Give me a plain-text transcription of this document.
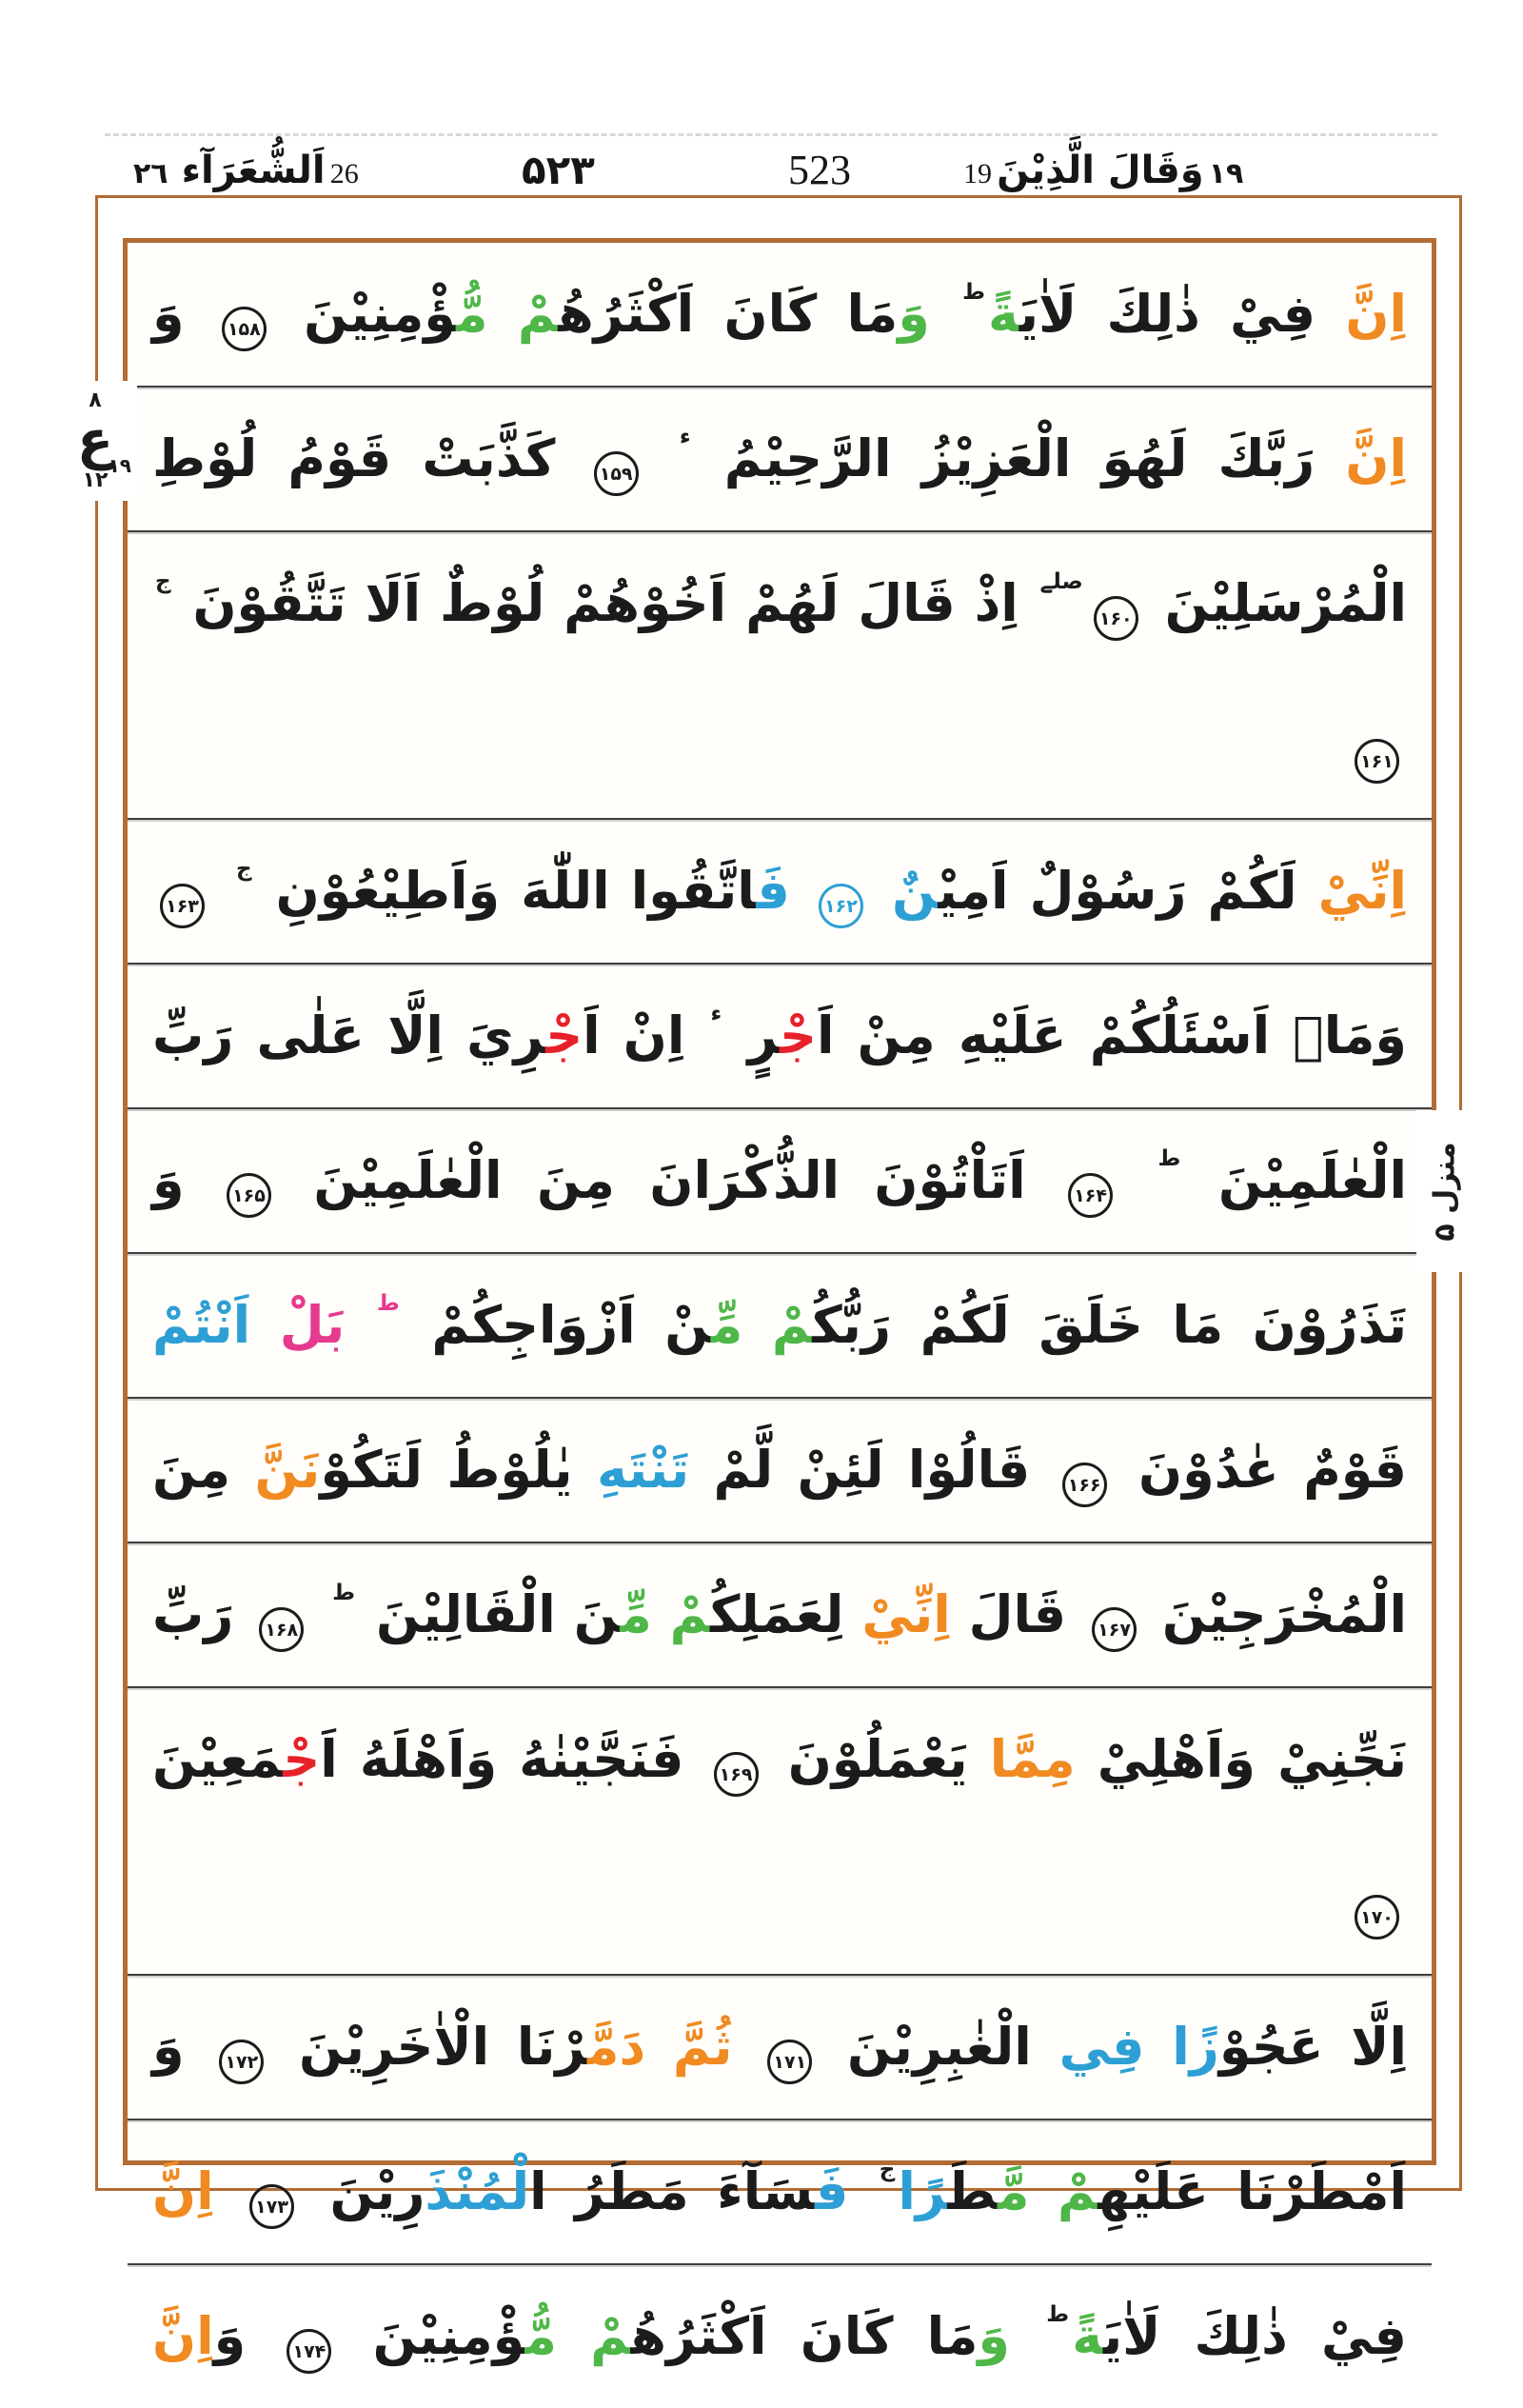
اَلشُّعَرَآء​ ٢٦	26	۵۲۳	523	19 وَقَالَ الَّذِيْنَ ۱۹
اِنَّ فِيْ ذٰلِكَ لَاٰيَ‍‍ةً$^ط$ وَمَا كَانَ اَكْثَرُهُ‍‍مْ مُّ‍‍ؤْمِنِيْنَ ۱۵۸ وَ
اِنَّ رَبَّكَ لَهُوَ الْعَزِيْزُ الرَّحِيْمُ $^ء$ ۱۵۹ كَذَّبَتْ قَوْمُ لُوْطِ
الْمُرْسَلِيْنَ $۱۶۰^{صلے}$ اِذْ قَالَ لَهُمْ اَخُوْهُمْ لُوْطٌ اَلَا تَتَّقُوْنَ $^ج$ ۱۶۱
اِنِّيْ لَكُمْ رَسُوْلٌ اَمِيْ‍‍نٌ ۱۶۲ فَ‍‍اتَّقُوا اللّٰهَ وَاَطِيْعُوْنِ $^ج$ ۱۶۳
وَمَاۤ اَسْئَلُكُمْ عَلَيْهِ مِنْ اَجْ‍‍رٍ $^ء$ اِنْ اَجْ‍‍رِيَ اِلَّا عَلٰى رَبِّ
الْعٰلَمِيْنَ $^ط$ ۱۶۴ اَتَاْتُوْنَ الذُّكْرَانَ مِنَ الْعٰلَمِيْنَ ۱۶۵ وَ
تَذَرُوْنَ مَا خَلَقَ لَكُمْ رَبُّكُ‍‍مْ مِّ‍‍نْ اَزْوَاجِكُمْ $^ط$ بَلْ اَنْتُمْ
قَوْمٌ عٰدُوْنَ ۱۶۶ قَالُوْا لَئِنْ لَّمْ تَنْتَهِ يٰلُوْطُ لَتَكُوْنَنَّ مِنَ
الْمُخْرَجِيْنَ ۱۶۷ قَالَ اِنِّيْ لِعَمَلِكُ‍‍مْ مِّ‍‍نَ الْقَالِيْنَ $^ط$ ۱۶۸ رَبِّ
نَجِّنِيْ وَاَهْلِيْ مِمَّا يَعْمَلُوْنَ ۱۶۹ فَنَجَّيْنٰهُ وَاَهْلَهُ اَجْ‍‍مَعِيْنَ ۱۷۰
اِلَّا عَجُوْزًا فِي الْغٰبِرِيْنَ ۱۷۱ ثُمَّ دَمَّ‍‍رْنَا الْاٰخَرِيْنَ ۱۷۲ وَ
اَمْطَرْنَا عَلَيْهِ‍‍مْ مَّ‍‍طَ‍‍رًا$^ج$ فَ‍‍سَآءَ مَطَرُ الْمُنْذَرِيْنَ ۱۷۳ اِنَّ
فِيْ ذٰلِكَ لَاٰيَ‍‍ةً$^ط$ وَمَا كَانَ اَكْثَرُهُ‍‍مْ مُّ‍‍ؤْمِنِيْنَ ۱۷۴ وَاِنَّ
۸
ع
۱۹
۱۲
منزل ۵
